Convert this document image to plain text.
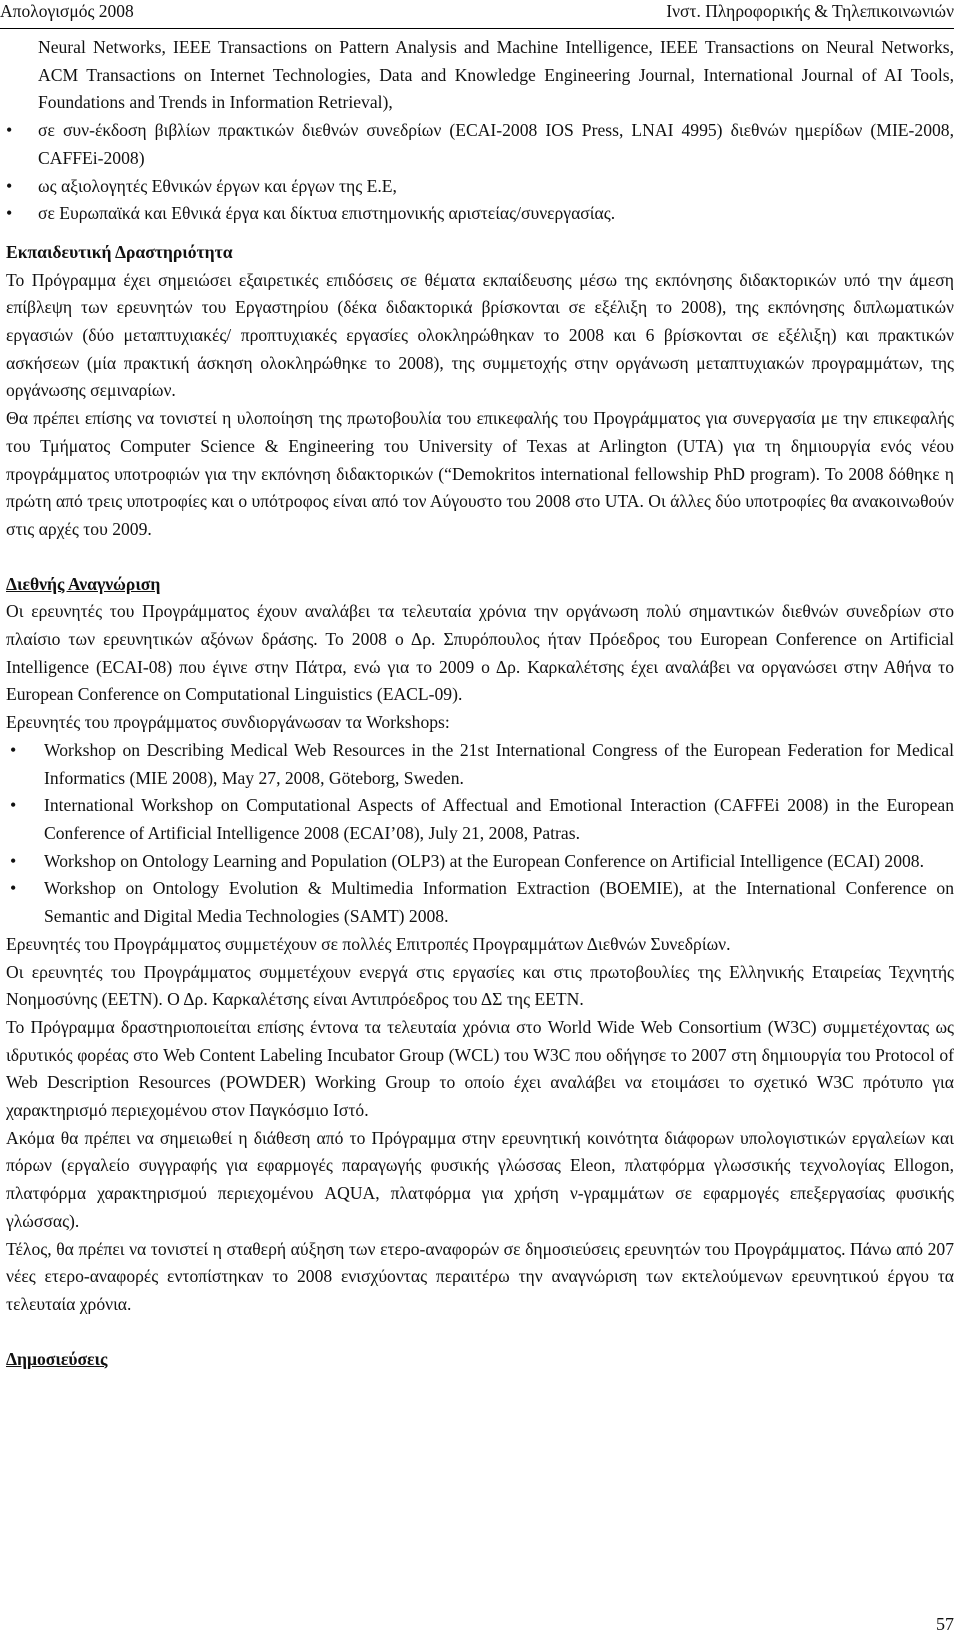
Απολογισμός 2008	Ινστ. Πληροφορικής & Τηλεπικοινωνιών

Neural Networks, IEEE Transactions on Pattern Analysis and Machine Intelligence, IEEE Transactions on Neural Networks, ACM Transactions on Internet Technologies, Data and Knowledge Engineering Journal, International Journal of AI Tools, Foundations and Trends in Information Retrieval),

• σε συν-έκδοση βιβλίων πρακτικών διεθνών συνεδρίων (ECAI-2008 IOS Press, LNAI 4995) διεθνών ημερίδων (MIE-2008, CAFFEi-2008)
• ως αξιολογητές Εθνικών έργων και έργων της Ε.Ε,
• σε Ευρωπαϊκά και Εθνικά έργα και δίκτυα επιστημονικής αριστείας/συνεργασίας.

Εκπαιδευτική Δραστηριότητα

Το Πρόγραμμα έχει σημειώσει εξαιρετικές επιδόσεις σε θέματα εκπαίδευσης μέσω της εκπόνησης διδακτορικών υπό την άμεση επίβλεψη των ερευνητών του Εργαστηρίου (δέκα διδακτορικά βρίσκονται σε εξέλιξη το 2008), της εκπόνησης διπλωματικών εργασιών (δύο μεταπτυχιακές/ προπτυχιακές εργασίες ολοκληρώθηκαν το 2008 και 6 βρίσκονται σε εξέλιξη) και πρακτικών ασκήσεων (μία πρακτική άσκηση ολοκληρώθηκε το 2008), της συμμετοχής στην οργάνωση μεταπτυχιακών προγραμμάτων, της οργάνωσης σεμιναρίων.

Θα πρέπει επίσης να τονιστεί η υλοποίηση της πρωτοβουλία του επικεφαλής του Προγράμματος για συνεργασία με την επικεφαλής του Τμήματος Computer Science & Engineering του University of Texas at Arlington (UTA) για τη δημιουργία ενός νέου προγράμματος υποτροφιών για την εκπόνηση διδακτορικών (“Demokritos international fellowship PhD program). Το 2008 δόθηκε η πρώτη από τρεις υποτροφίες και ο υπότροφος είναι από τον Αύγουστο του 2008 στο UTA. Οι άλλες δύο υποτροφίες θα ανακοινωθούν στις αρχές του 2009.

Διεθνής Αναγνώριση

Οι ερευνητές του Προγράμματος έχουν αναλάβει τα τελευταία χρόνια την οργάνωση πολύ σημαντικών διεθνών συνεδρίων στο πλαίσιο των ερευνητικών αξόνων δράσης. Το 2008 ο Δρ. Σπυρόπουλος ήταν Πρόεδρος του European Conference on Artificial Intelligence (ECAI-08) που έγινε στην Πάτρα, ενώ για το 2009 ο Δρ. Καρκαλέτσης έχει αναλάβει να οργανώσει στην Αθήνα το European Conference on Computational Linguistics (EACL-09).

Ερευνητές του προγράμματος συνδιοργάνωσαν τα Workshops:

• Workshop on Describing Medical Web Resources in the 21st International Congress of the European Federation for Medical Informatics (MIE 2008), May 27, 2008, Göteborg, Sweden.
• International Workshop on Computational Aspects of Affectual and Emotional Interaction (CAFFEi 2008) in the European Conference of Artificial Intelligence 2008 (ECAI’08), July 21, 2008, Patras.
• Workshop on Ontology Learning and Population (OLP3) at the European Conference on Artificial Intelligence (ECAI) 2008.
• Workshop on Ontology Evolution & Multimedia Information Extraction (BOEMIE), at the International Conference on Semantic and Digital Media Technologies (SAMT) 2008.

Ερευνητές του Προγράμματος συμμετέχουν σε πολλές Επιτροπές Προγραμμάτων Διεθνών Συνεδρίων.

Οι ερευνητές του Προγράμματος συμμετέχουν ενεργά στις εργασίες και στις πρωτοβουλίες της Ελληνικής Εταιρείας Τεχνητής Νοημοσύνης (ΕΕΤΝ). Ο Δρ. Καρκαλέτσης είναι Αντιπρόεδρος του ΔΣ της ΕΕΤΝ.

Το Πρόγραμμα δραστηριοποιείται επίσης έντονα τα τελευταία χρόνια στο World Wide Web Consortium (W3C) συμμετέχοντας ως ιδρυτικός φορέας στο Web Content Labeling Incubator Group (WCL) του W3C που οδήγησε το 2007 στη δημιουργία του Protocol of Web Description Resources (POWDER) Working Group το οποίο έχει αναλάβει να ετοιμάσει το σχετικό W3C πρότυπο για χαρακτηρισμό περιεχομένου στον Παγκόσμιο Ιστό.

Ακόμα θα πρέπει να σημειωθεί η διάθεση από το Πρόγραμμα στην ερευνητική κοινότητα διάφορων υπολογιστικών εργαλείων και πόρων (εργαλείο συγγραφής για εφαρμογές παραγωγής φυσικής γλώσσας Eleon, πλατφόρμα γλωσσικής τεχνολογίας Ellogon, πλατφόρμα χαρακτηρισμού περιεχομένου AQUA, πλατφόρμα για χρήση ν-γραμμάτων σε εφαρμογές επεξεργασίας φυσικής γλώσσας).

Τέλος, θα πρέπει να τονιστεί η σταθερή αύξηση των ετερο-αναφορών σε δημοσιεύσεις ερευνητών του Προγράμματος. Πάνω από 207 νέες ετερο-αναφορές εντοπίστηκαν το 2008 ενισχύοντας περαιτέρω την αναγνώριση των εκτελούμενων ερευνητικού έργου τα τελευταία χρόνια.

Δημοσιεύσεις

57
